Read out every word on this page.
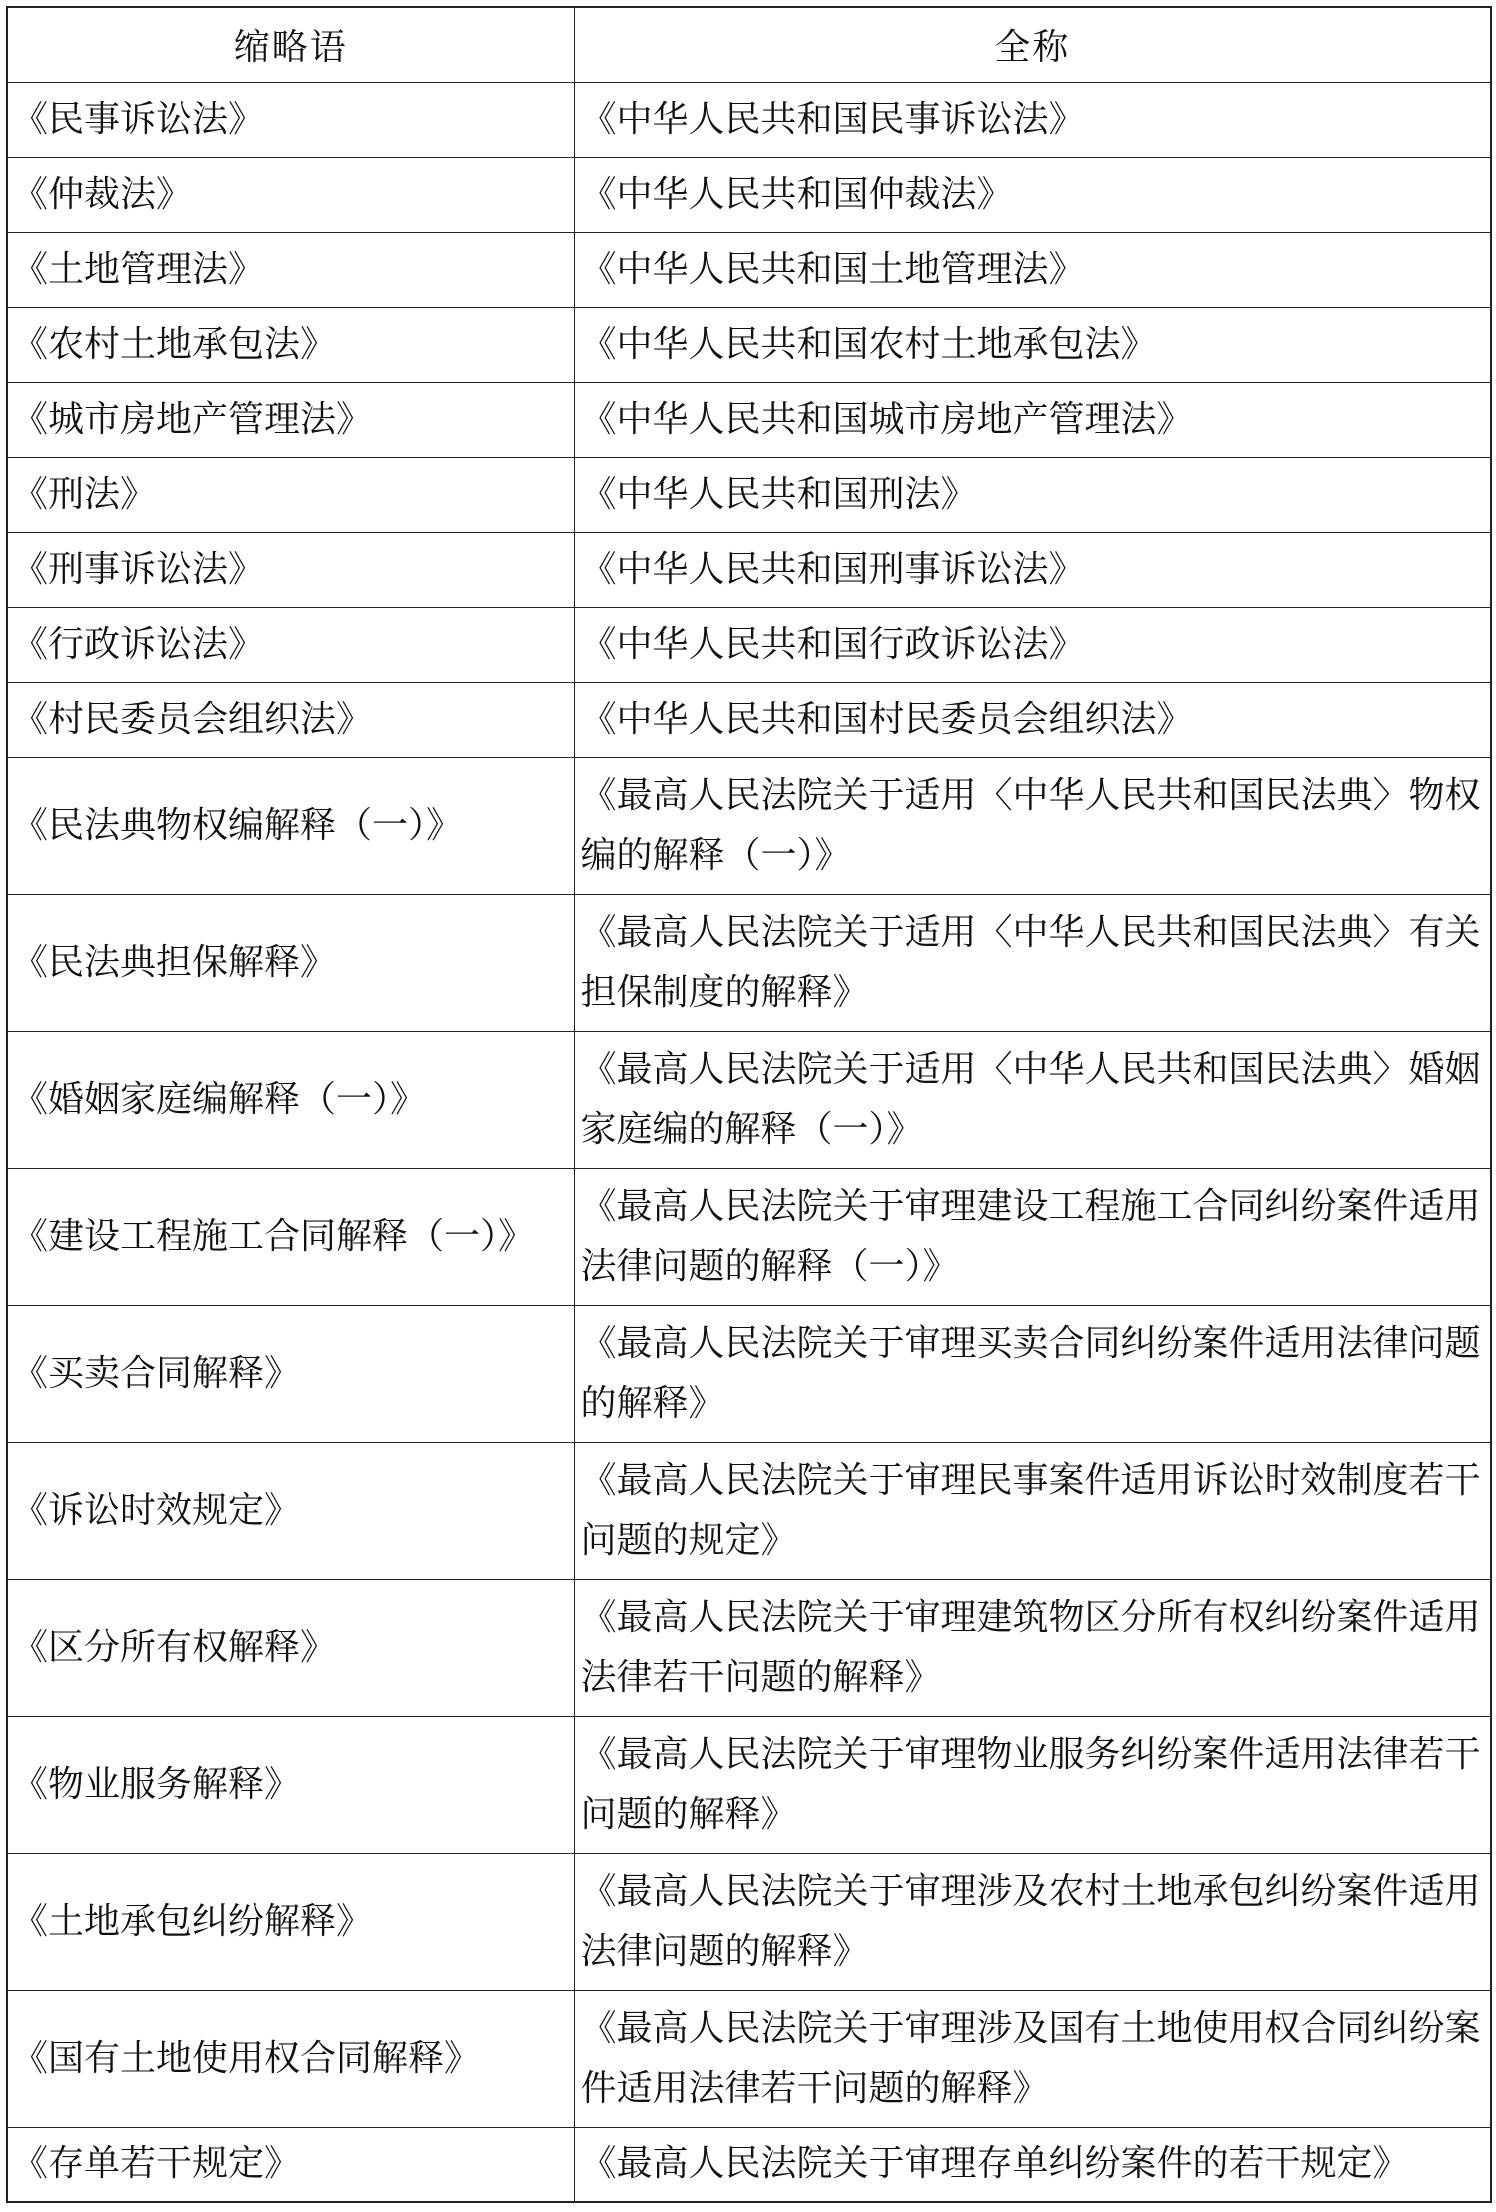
缩略语	全称
《民事诉讼法》	《中华人民共和国民事诉讼法》
《仲裁法》	《中华人民共和国仲裁法》
《土地管理法》	《中华人民共和国土地管理法》
《农村土地承包法》	《中华人民共和国农村土地承包法》
《城市房地产管理法》	《中华人民共和国城市房地产管理法》
《刑法》	《中华人民共和国刑法》
《刑事诉讼法》	《中华人民共和国刑事诉讼法》
《行政诉讼法》	《中华人民共和国行政诉讼法》
《村民委员会组织法》	《中华人民共和国村民委员会组织法》
《民法典物权编解释（一）》	《最高人民法院关于适用〈中华人民共和国民法典〉物权编的解释（一）》
《民法典担保解释》	《最高人民法院关于适用〈中华人民共和国民法典〉有关担保制度的解释》
《婚姻家庭编解释（一）》	《最高人民法院关于适用〈中华人民共和国民法典〉婚姻家庭编的解释（一）》
《建设工程施工合同解释（一）》	《最高人民法院关于审理建设工程施工合同纠纷案件适用法律问题的解释（一）》
《买卖合同解释》	《最高人民法院关于审理买卖合同纠纷案件适用法律问题的解释》
《诉讼时效规定》	《最高人民法院关于审理民事案件适用诉讼时效制度若干问题的规定》
《区分所有权解释》	《最高人民法院关于审理建筑物区分所有权纠纷案件适用法律若干问题的解释》
《物业服务解释》	《最高人民法院关于审理物业服务纠纷案件适用法律若干问题的解释》
《土地承包纠纷解释》	《最高人民法院关于审理涉及农村土地承包纠纷案件适用法律问题的解释》
《国有土地使用权合同解释》	《最高人民法院关于审理涉及国有土地使用权合同纠纷案件适用法律若干问题的解释》
《存单若干规定》	《最高人民法院关于审理存单纠纷案件的若干规定》
